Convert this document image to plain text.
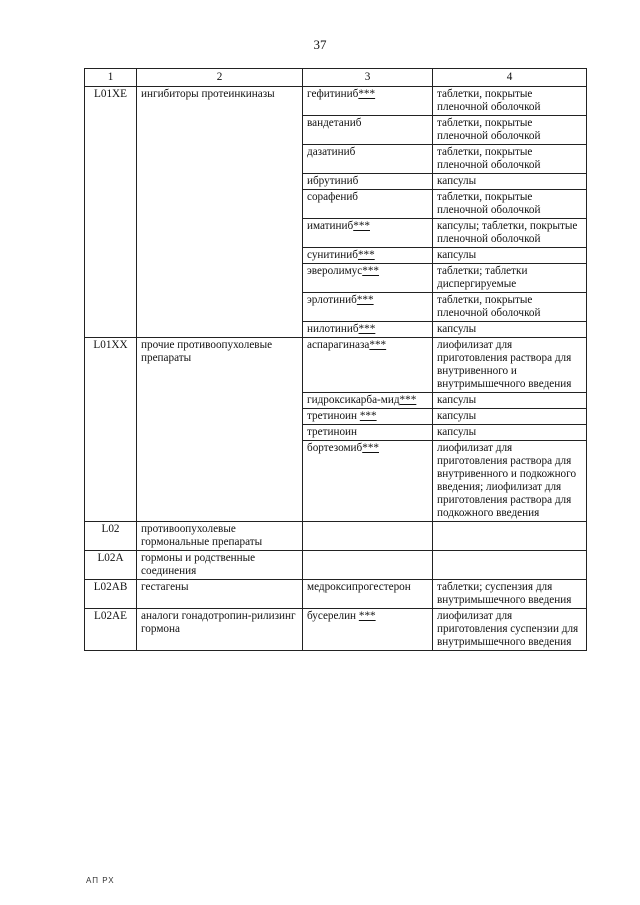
37
1	2	3	4
L01XE	ингибиторы протеинкиназы	гефитиниб***	таблетки, покрытые пленочной оболочкой
		вандетаниб	таблетки, покрытые пленочной оболочкой
		дазатиниб	таблетки, покрытые пленочной оболочкой
		ибрутиниб	капсулы
		сорафениб	таблетки, покрытые пленочной оболочкой
		иматиниб***	капсулы; таблетки, покрытые пленочной оболочкой
		сунитиниб***	капсулы
		эверолимус***	таблетки; таблетки диспергируемые
		эрлотиниб***	таблетки, покрытые пленочной оболочкой
		нилотиниб***	капсулы
L01XX	прочие противоопухолевые препараты	аспарагиназа***	лиофилизат для приготовления раствора для внутривенного и внутримышечного введения
		гидроксикарба-мид***	капсулы
		третиноин ***	капсулы
		третиноин	капсулы
		бортезомиб***	лиофилизат для приготовления раствора для внутривенного и подкожного введения; лиофилизат для приготовления раствора для подкожного введения
L02	противоопухолевые гормональные препараты		
L02A	гормоны и родственные соединения		
L02AB	гестагены	медроксипрогестерон	таблетки; суспензия для внутримышечного введения
L02AE	аналоги гонадотропин-рилизинг гормона	бусерелин ***	лиофилизат для приготовления суспензии для внутримышечного введения
АП РХ
